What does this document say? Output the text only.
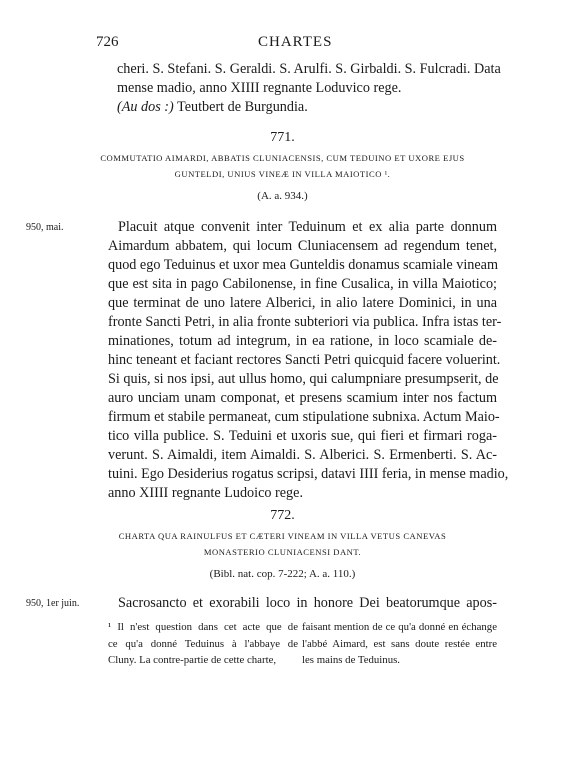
726	CHARTES
cheri. S. Stefani. S. Geraldi. S. Arulfi. S. Girbaldi. S. Fulcradi. Data
mense madio, anno XIIII regnante Loduvico rege.
(Au dos :) Teutbert de Burgundia.
771.
COMMUTATIO AIMARDI, ABBATIS CLUNIACENSIS, CUM TEDUINO ET UXORE EJUS
GUNTELDI, UNIUS VINEÆ IN VILLA MAIOTICO ¹.
(A. a. 934.)
950, mai.	Placuit atque convenit inter Teduinum et ex alia parte donnum
Aimardum abbatem, qui locum Cluniacensem ad regendum tenet,
quod ego Teduinus et uxor mea Gunteldis donamus scamiale vineam
que est sita in pago Cabilonense, in fine Cusalica, in villa Maiotico;
que terminat de uno latere Alberici, in alio latere Dominici, in una
fronte Sancti Petri, in alia fronte subteriori via publica. Infra istas ter-
minationes, totum ad integrum, in ea ratione, in loco scamiale de-
hinc teneant et faciant rectores Sancti Petri quicquid facere voluerint.
Si quis, si nos ipsi, aut ullus homo, qui calumpniare presumpserit, de
auro unciam unam componat, et presens scamium inter nos factum
firmum et stabile permaneat, cum stipulatione subnixa. Actum Maio-
tico villa publice. S. Teduini et uxoris sue, qui fieri et firmari roga-
verunt. S. Aimaldi, item Aimaldi. S. Alberici. S. Ermenberti. S. Ac-
tuini. Ego Desiderius rogatus scripsi, datavi IIII feria, in mense madio,
anno XIIII regnante Ludoico rege.
772.
CHARTA QUA RAINULFUS ET CÆTERI VINEAM IN VILLA VETUS CANEVAS
MONASTERIO CLUNIACENSI DANT.
(Bibl. nat. cop. 7-222; A. a. 110.)
950, 1er juin.	Sacrosancto et exorabili loco in honore Dei beatorumque apos-
¹ Il n'est question dans cet acte que de
ce qu'a donné Teduinus à l'abbaye de
Cluny. La contre-partie de cette charte,
faisant mention de ce qu'a donné en échange
l'abbé Aimard, est sans doute restée entre
les mains de Teduinus.
